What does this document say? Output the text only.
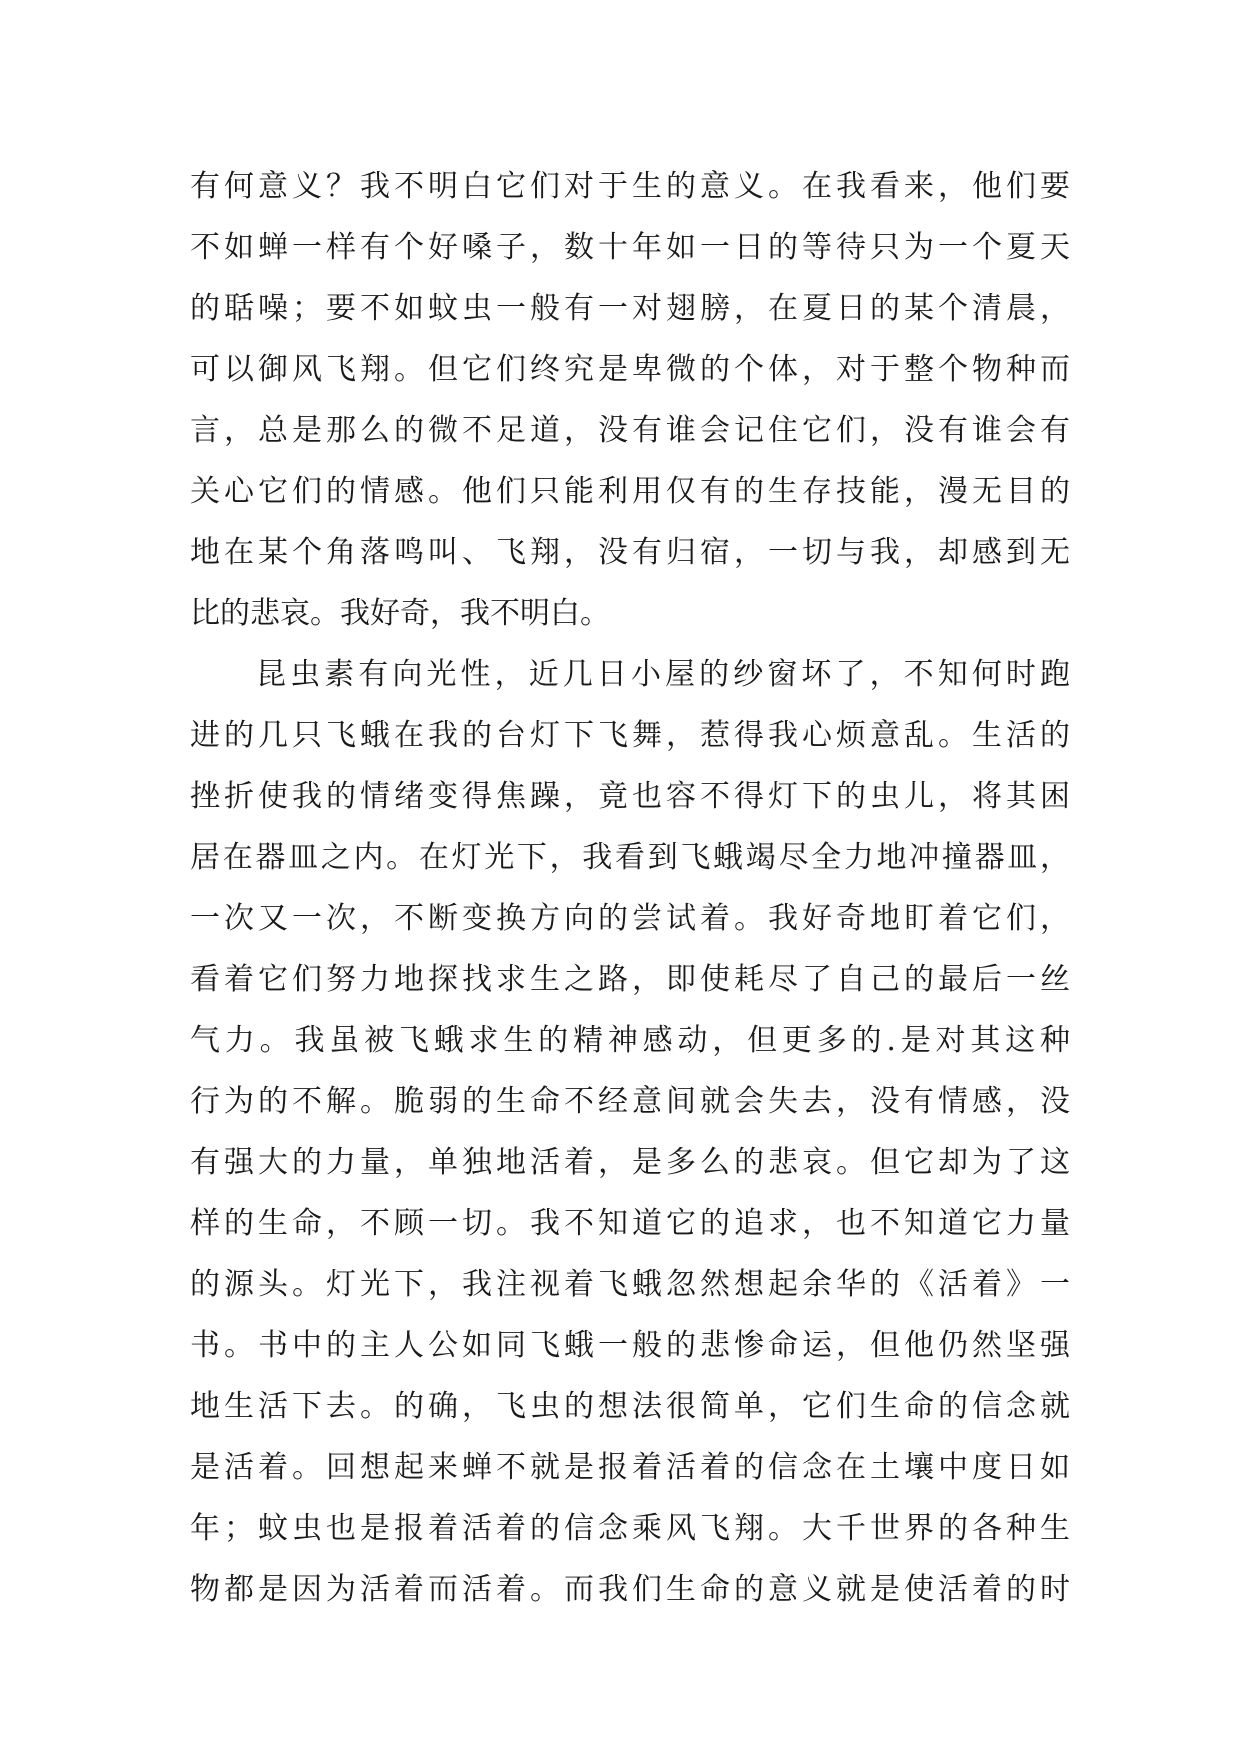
有何意义？我不明白它们对于生的意义。在我看来，他们要
不如蝉一样有个好嗓子，数十年如一日的等待只为一个夏天
的聒噪；要不如蚊虫一般有一对翅膀，在夏日的某个清晨，
可以御风飞翔。但它们终究是卑微的个体，对于整个物种而
言，总是那么的微不足道，没有谁会记住它们，没有谁会有
关心它们的情感。他们只能利用仅有的生存技能，漫无目的
地在某个角落鸣叫、飞翔，没有归宿，一切与我，却感到无
比的悲哀。我好奇，我不明白。
昆虫素有向光性，近几日小屋的纱窗坏了，不知何时跑
进的几只飞蛾在我的台灯下飞舞，惹得我心烦意乱。生活的
挫折使我的情绪变得焦躁，竟也容不得灯下的虫儿，将其困
居在器皿之内。在灯光下，我看到飞蛾竭尽全力地冲撞器皿，
一次又一次，不断变换方向的尝试着。我好奇地盯着它们，
看着它们努力地探找求生之路，即使耗尽了自己的最后一丝
气力。我虽被飞蛾求生的精神感动，但更多的.是对其这种
行为的不解。脆弱的生命不经意间就会失去，没有情感，没
有强大的力量，单独地活着，是多么的悲哀。但它却为了这
样的生命，不顾一切。我不知道它的追求，也不知道它力量
的源头。灯光下，我注视着飞蛾忽然想起余华的《活着》一
书。书中的主人公如同飞蛾一般的悲惨命运，但他仍然坚强
地生活下去。的确，飞虫的想法很简单，它们生命的信念就
是活着。回想起来蝉不就是报着活着的信念在土壤中度日如
年；蚊虫也是报着活着的信念乘风飞翔。大千世界的各种生
物都是因为活着而活着。而我们生命的意义就是使活着的时
